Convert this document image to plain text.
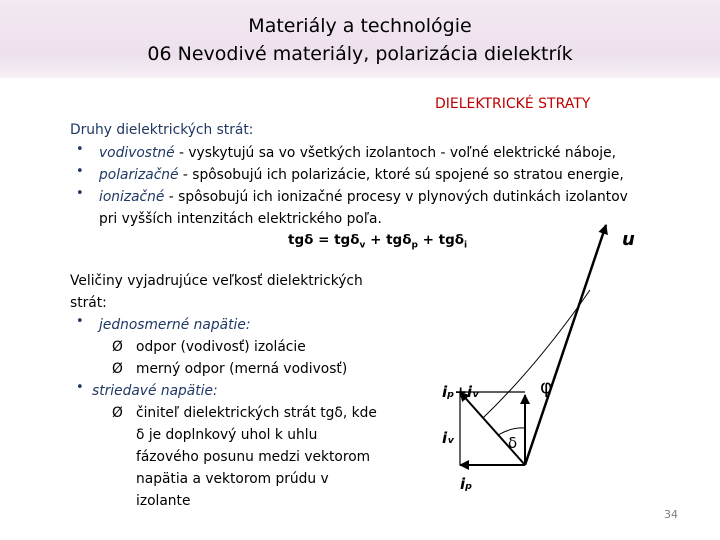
Materiály a technológie
06 Nevodivé materiály, polarizácia dielektrík
DIELEKTRICKÉ STRATY
Druhy dielektrických strát:
• vodivostné - vyskytujú sa vo všetkých izolantoch - voľné elektrické náboje,
• polarizačné - spôsobujú ich polarizácie, ktoré sú spojené so stratou energie,
• ionizačné - spôsobujú ich ionizačné procesy v plynových dutinkách izolantov
pri vyšších intenzitách elektrického poľa.
tgδ = tgδ$_v$ + tgδ$_p$ + tgδ$_i$
Veličiny vyjadrujúce veľkosť dielektrických
strát:
• jednosmerné napätie:
Ø odpor (vodivosť) izolácie
Ø merný odpor (merná vodivosť)
• striedavé napätie:
Ø činiteľ dielektrických strát tgδ, kde
δ je doplnkový uhol k uhlu
fázového posunu medzi vektorom
napätia a vektorom prúdu v
izolante
u
φ
iₚ+iᵥ
δ
iᵥ
iₚ
34
